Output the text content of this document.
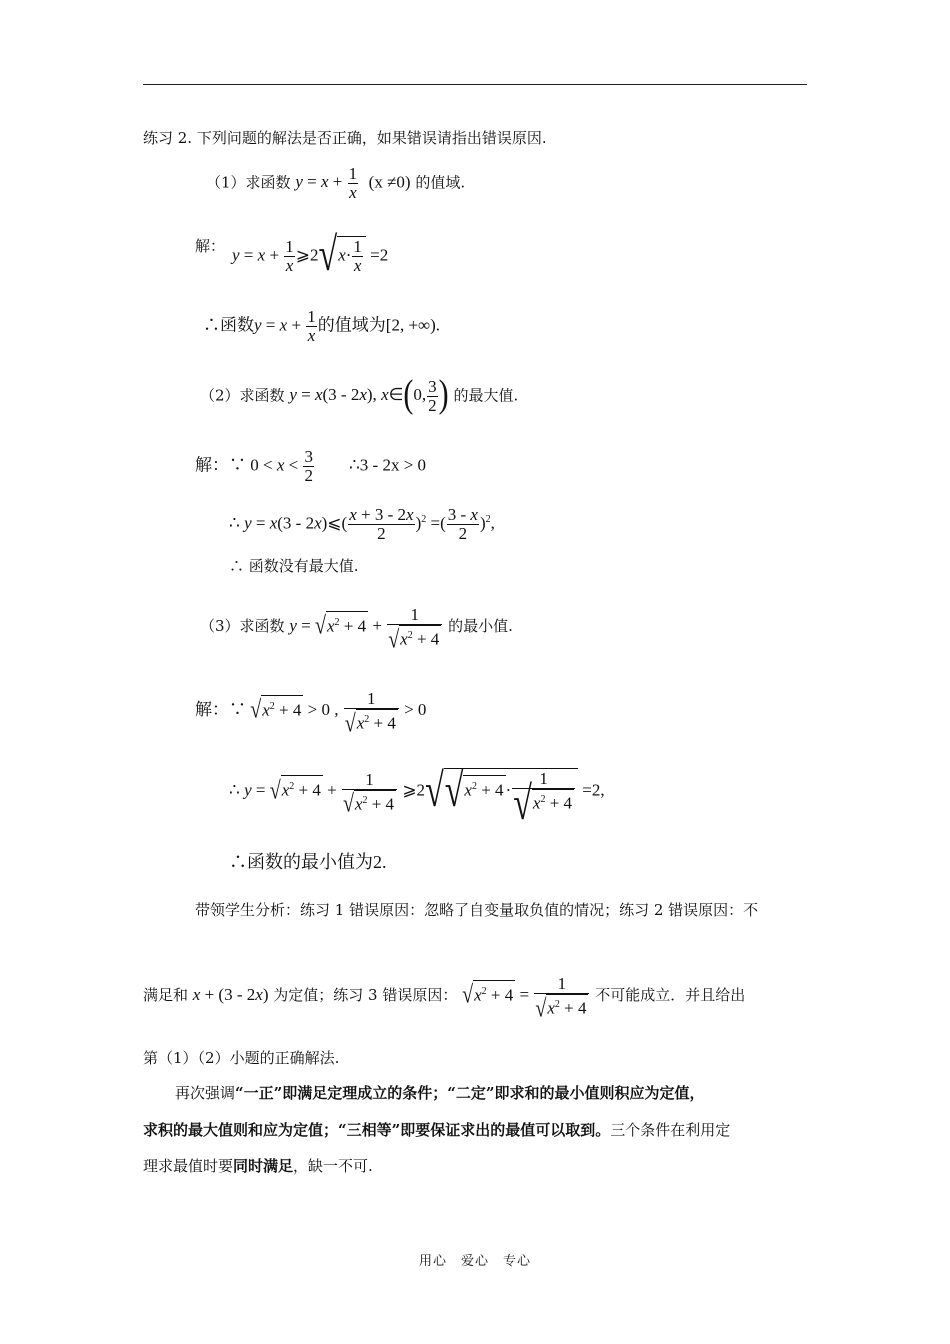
练习 2. 下列问题的解法是否正确，如果错误请指出错误原因.
（1）求函数 $y = x + \frac{1}{x} (x \ne 0)$ 的值域.
解： $y = x + \frac{1}{x}$ ⩾2√x· $\frac{1}{x} =2$
∴函数$y = x + \frac{1}{x}$ 的值域为[2, +∞).
（2）求函数 y = x(3 - 2x), x∈(0, $\frac{3}{2}$ ) 的最大值.
解：∵ $0 < x < \frac{3}{2}$ ∴3 - 2x > 0
∴ y = x(3 - 2x)⩽( $\frac{x + 3 - 2x}{2} )^2$ =( $\frac{3 - x}{2} )^2$,
∴ 函数没有最大值.
（3）求函数 $y = √x^2 + 4 + \frac{1}{√x^2 + 4}$ 的最小值.
解：∵ $√x^2 + 4 > 0$ , $\frac{1}{√x^2 + 4} > 0$
∴ $y = √x^2 + 4 + \frac{1}{√x^2 + 4}$ $⩾2√√x^2 + 4 \cdot \frac{1}{√x^2 + 4} =2$,
∴函数的最小值为2.
带领学生分析：练习 1 错误原因：忽略了自变量取负值的情况；练习 2 错误原因：不
满足和 x + (3 - 2x) 为定值；练习 3 错误原因： $√x^2 + 4 = \frac{1}{√x^2 + 4}$ 不可能成立．并且给出
第（1）（2）小题的正确解法.
再次强调“一正”即满足定理成立的条件；“二定”即求和的最小值则积应为定值，
求积的最大值则和应为定值；“三相等”即要保证求出的最值可以取到。三个条件在利用定
理求最值时要同时满足，缺一不可.
用心　爱心　专心
